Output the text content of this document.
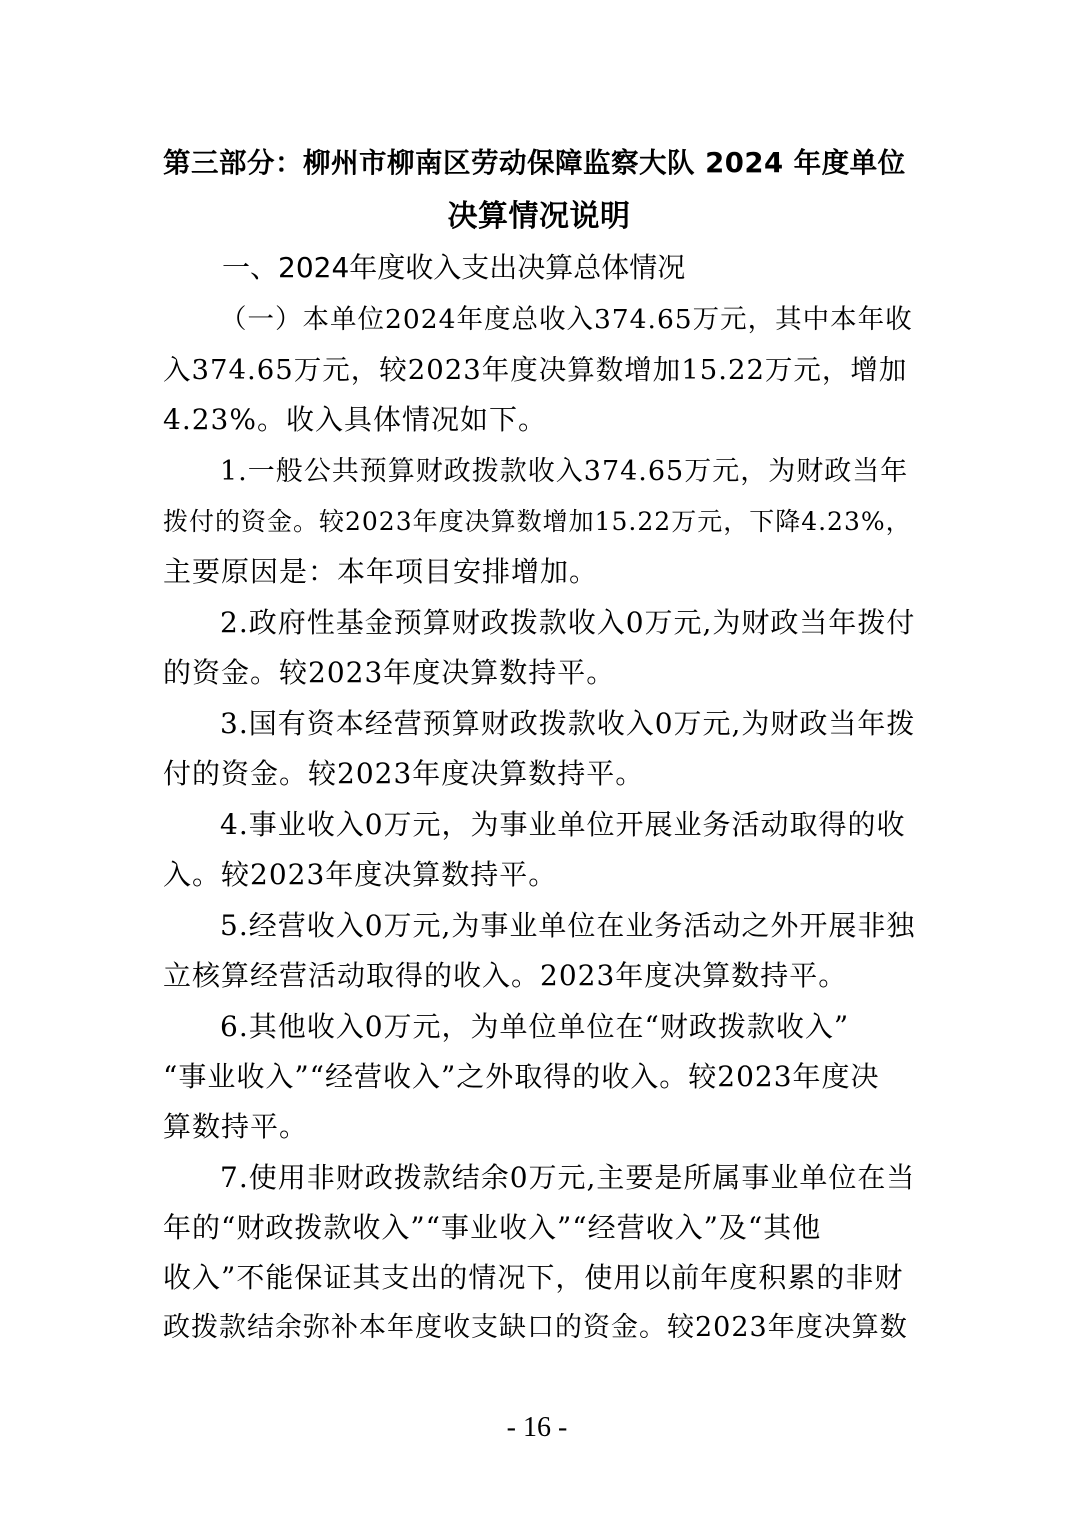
第三部分：柳州市柳南区劳动保障监察大队 2024 年度单位
决算情况说明
一、2024年度收入支出决算总体情况
（一）本单位2024年度总收入374.65万元，其中本年收
入374.65万元，较2023年度决算数增加15.22万元，增加
4.23%。收入具体情况如下。
1.一般公共预算财政拨款收入374.65万元，为财政当年
拨付的资金。较2023年度决算数增加15.22万元，下降4.23%，
主要原因是：本年项目安排增加。
2.政府性基金预算财政拨款收入0万元,为财政当年拨付
的资金。较2023年度决算数持平。
3.国有资本经营预算财政拨款收入0万元,为财政当年拨
付的资金。较2023年度决算数持平。
4.事业收入0万元，为事业单位开展业务活动取得的收
入。较2023年度决算数持平。
5.经营收入0万元,为事业单位在业务活动之外开展非独
立核算经营活动取得的收入。2023年度决算数持平。
6.其他收入0万元，为单位单位在“财政拨款收入”
“事业收入”“经营收入”之外取得的收入。较2023年度决
算数持平。
7.使用非财政拨款结余0万元,主要是所属事业单位在当
年的“财政拨款收入”“事业收入”“经营收入”及“其他
收入”不能保证其支出的情况下，使用以前年度积累的非财
政拨款结余弥补本年度收支缺口的资金。较2023年度决算数
- 16 -
